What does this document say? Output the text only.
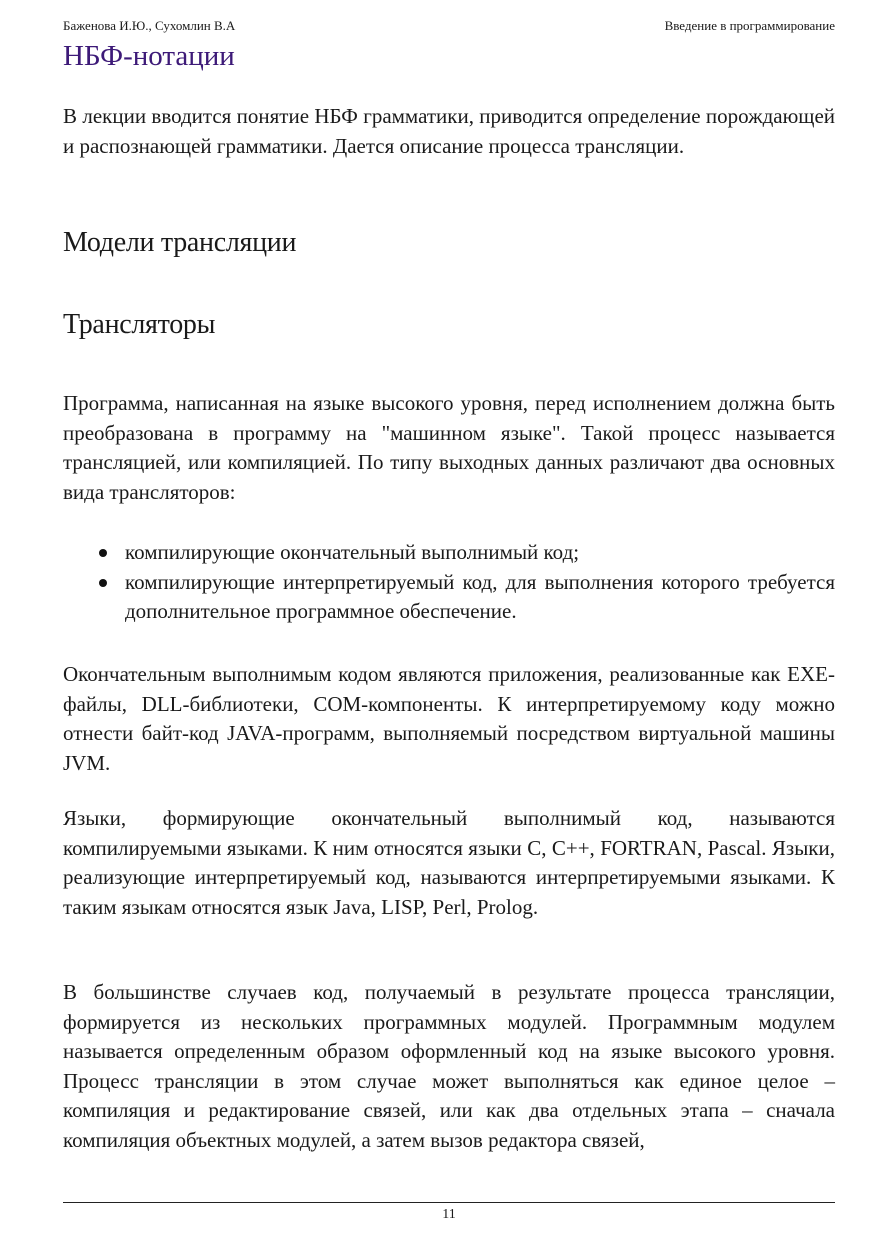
Баженова И.Ю., Сухомлин В.А	Введение в программирование
НБФ-нотации

В лекции вводится понятие НБФ грамматики, приводится определение порождающей и распознающей грамматики. Дается описание процесса трансляции.

Модели трансляции
Трансляторы

Программа, написанная на языке высокого уровня, перед исполнением должна быть преобразована в программу на "машинном языке". Такой процесс называется трансляцией, или компиляцией. По типу выходных данных различают два основных вида трансляторов:

компилирующие окончательный выполнимый код;
компилирующие интерпретируемый код, для выполнения которого требуется дополнительное программное обеспечение.

Окончательным выполнимым кодом являются приложения, реализованные как EXE-файлы, DLL-библиотеки, COM-компоненты. К интерпретируемому коду можно отнести байт-код JAVA-программ, выполняемый посредством виртуальной машины JVM.

Языки, формирующие окончательный выполнимый код, называются компилируемыми языками. К ним относятся языки С, С++, FORTRAN, Pascal. Языки, реализующие интерпретируемый код, называются интерпретируемыми языками. К таким языкам относятся язык Java, LISP, Perl, Prolog.

В большинстве случаев код, получаемый в результате процесса трансляции, формируется из нескольких программных модулей. Программным модулем называется определенным образом оформленный код на языке высокого уровня. Процесс трансляции в этом случае может выполняться как единое целое – компиляция и редактирование связей, или как два отдельных этапа – сначала компиляция объектных модулей, а затем вызов редактора связей,

11
